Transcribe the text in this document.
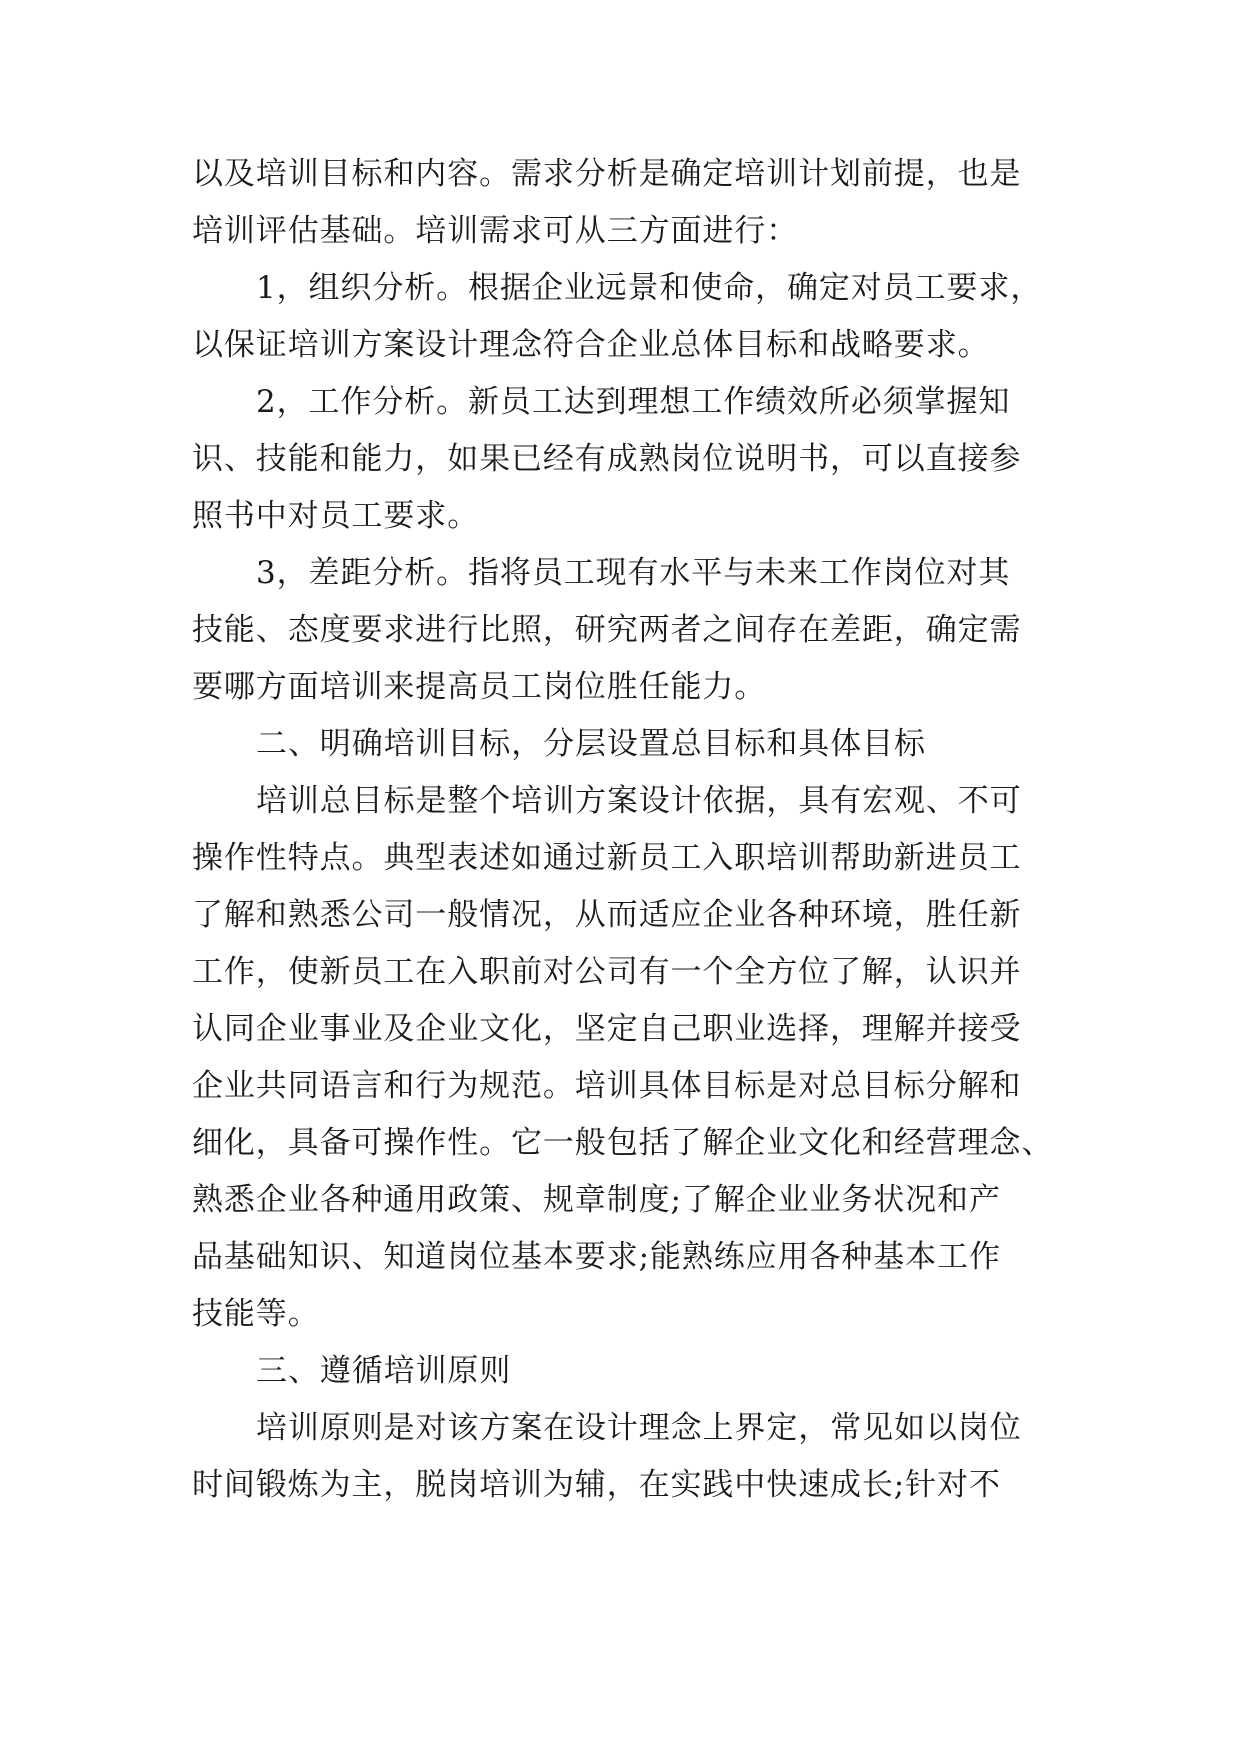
以及培训目标和内容。需求分析是确定培训计划前提，也是

培训评估基础。培训需求可从三方面进行：

1，组织分析。根据企业远景和使命，确定对员工要求，

以保证培训方案设计理念符合企业总体目标和战略要求。

2，工作分析。新员工达到理想工作绩效所必须掌握知

识、技能和能力，如果已经有成熟岗位说明书，可以直接参

照书中对员工要求。

3，差距分析。指将员工现有水平与未来工作岗位对其

技能、态度要求进行比照，研究两者之间存在差距，确定需

要哪方面培训来提高员工岗位胜任能力。

二、明确培训目标，分层设置总目标和具体目标

培训总目标是整个培训方案设计依据，具有宏观、不可

操作性特点。典型表述如通过新员工入职培训帮助新进员工

了解和熟悉公司一般情况，从而适应企业各种环境，胜任新

工作，使新员工在入职前对公司有一个全方位了解，认识并

认同企业事业及企业文化，坚定自己职业选择，理解并接受

企业共同语言和行为规范。培训具体目标是对总目标分解和

细化，具备可操作性。它一般包括了解企业文化和经营理念、

熟悉企业各种通用政策、规章制度;了解企业业务状况和产

品基础知识、知道岗位基本要求;能熟练应用各种基本工作

技能等。

三、遵循培训原则

培训原则是对该方案在设计理念上界定，常见如以岗位

时间锻炼为主，脱岗培训为辅，在实践中快速成长;针对不
